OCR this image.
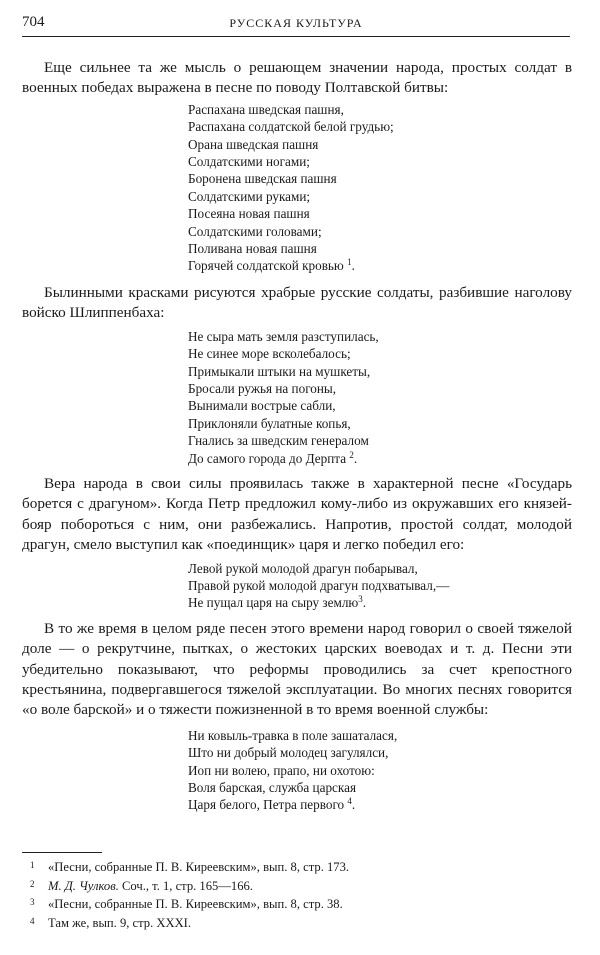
704	РУССКАЯ КУЛЬТУРА

Еще сильнее та же мысль о решающем значении народа, простых солдат в военных победах выражена в песне по поводу Полтавской битвы:

Распахана шведская пашня,
Распахана солдатской белой грудью;
Орана шведская пашня
Солдатскими ногами;
Боронена шведская пашня
Солдатскими руками;
Посеяна новая пашня
Солдатскими головами;
Поливана новая пашня
Горячей солдатской кровью $^1$.

Былинными красками рисуются храбрые русские солдаты, разбившие наголову войско Шлиппенбаха:

Не сыра мать земля разступилась,
Не синее море всколебалось;
Примыкали штыки на мушкеты,
Бросали ружья на погоны,
Вынимали вострые сабли,
Приклоняли булатные копья,
Гнались за шведским генералом
До самого города до Дерпта $^2$.

Вера народа в свои силы проявилась также в характерной песне «Государь борется с драгуном». Когда Петр предложил кому-либо из окружавших его князей-бояр побороться с ним, они разбежались. Напротив, простой солдат, молодой драгун, смело выступил как «поединщик» царя и легко победил его:

Левой рукой молодой драгун побарывал,
Правой рукой молодой драгун подхватывал,—
Не пущал царя на сыру землю$^3$.

В то же время в целом ряде песен этого времени народ говорил о своей тяжелой доле — о рекрутчине, пытках, о жестоких царских воеводах и т. д. Песни эти убедительно показывают, что реформы проводились за счет крепостного крестьянина, подвергавшегося тяжелой эксплуатации. Во многих песнях говорится «о воле барской» и о тяжести пожизненной в то время военной службы:

Ни ковыль-травка в поле зашаталася,
Што ни добрый молодец загулялси,
Иоп ни волею, прапо, ни охотою:
Воля барская, служба царская
Царя белого, Петра первого $^4$.
1 «Песни, собранные П. В. Киреевским», вып. 8, стр. 173.
2 М. Д. Чулков. Соч., т. 1, стр. 165—166.
3 «Песни, собранные П. В. Киреевским», вып. 8, стр. 38.
4 Там же, вып. 9, стр. XXXI.
